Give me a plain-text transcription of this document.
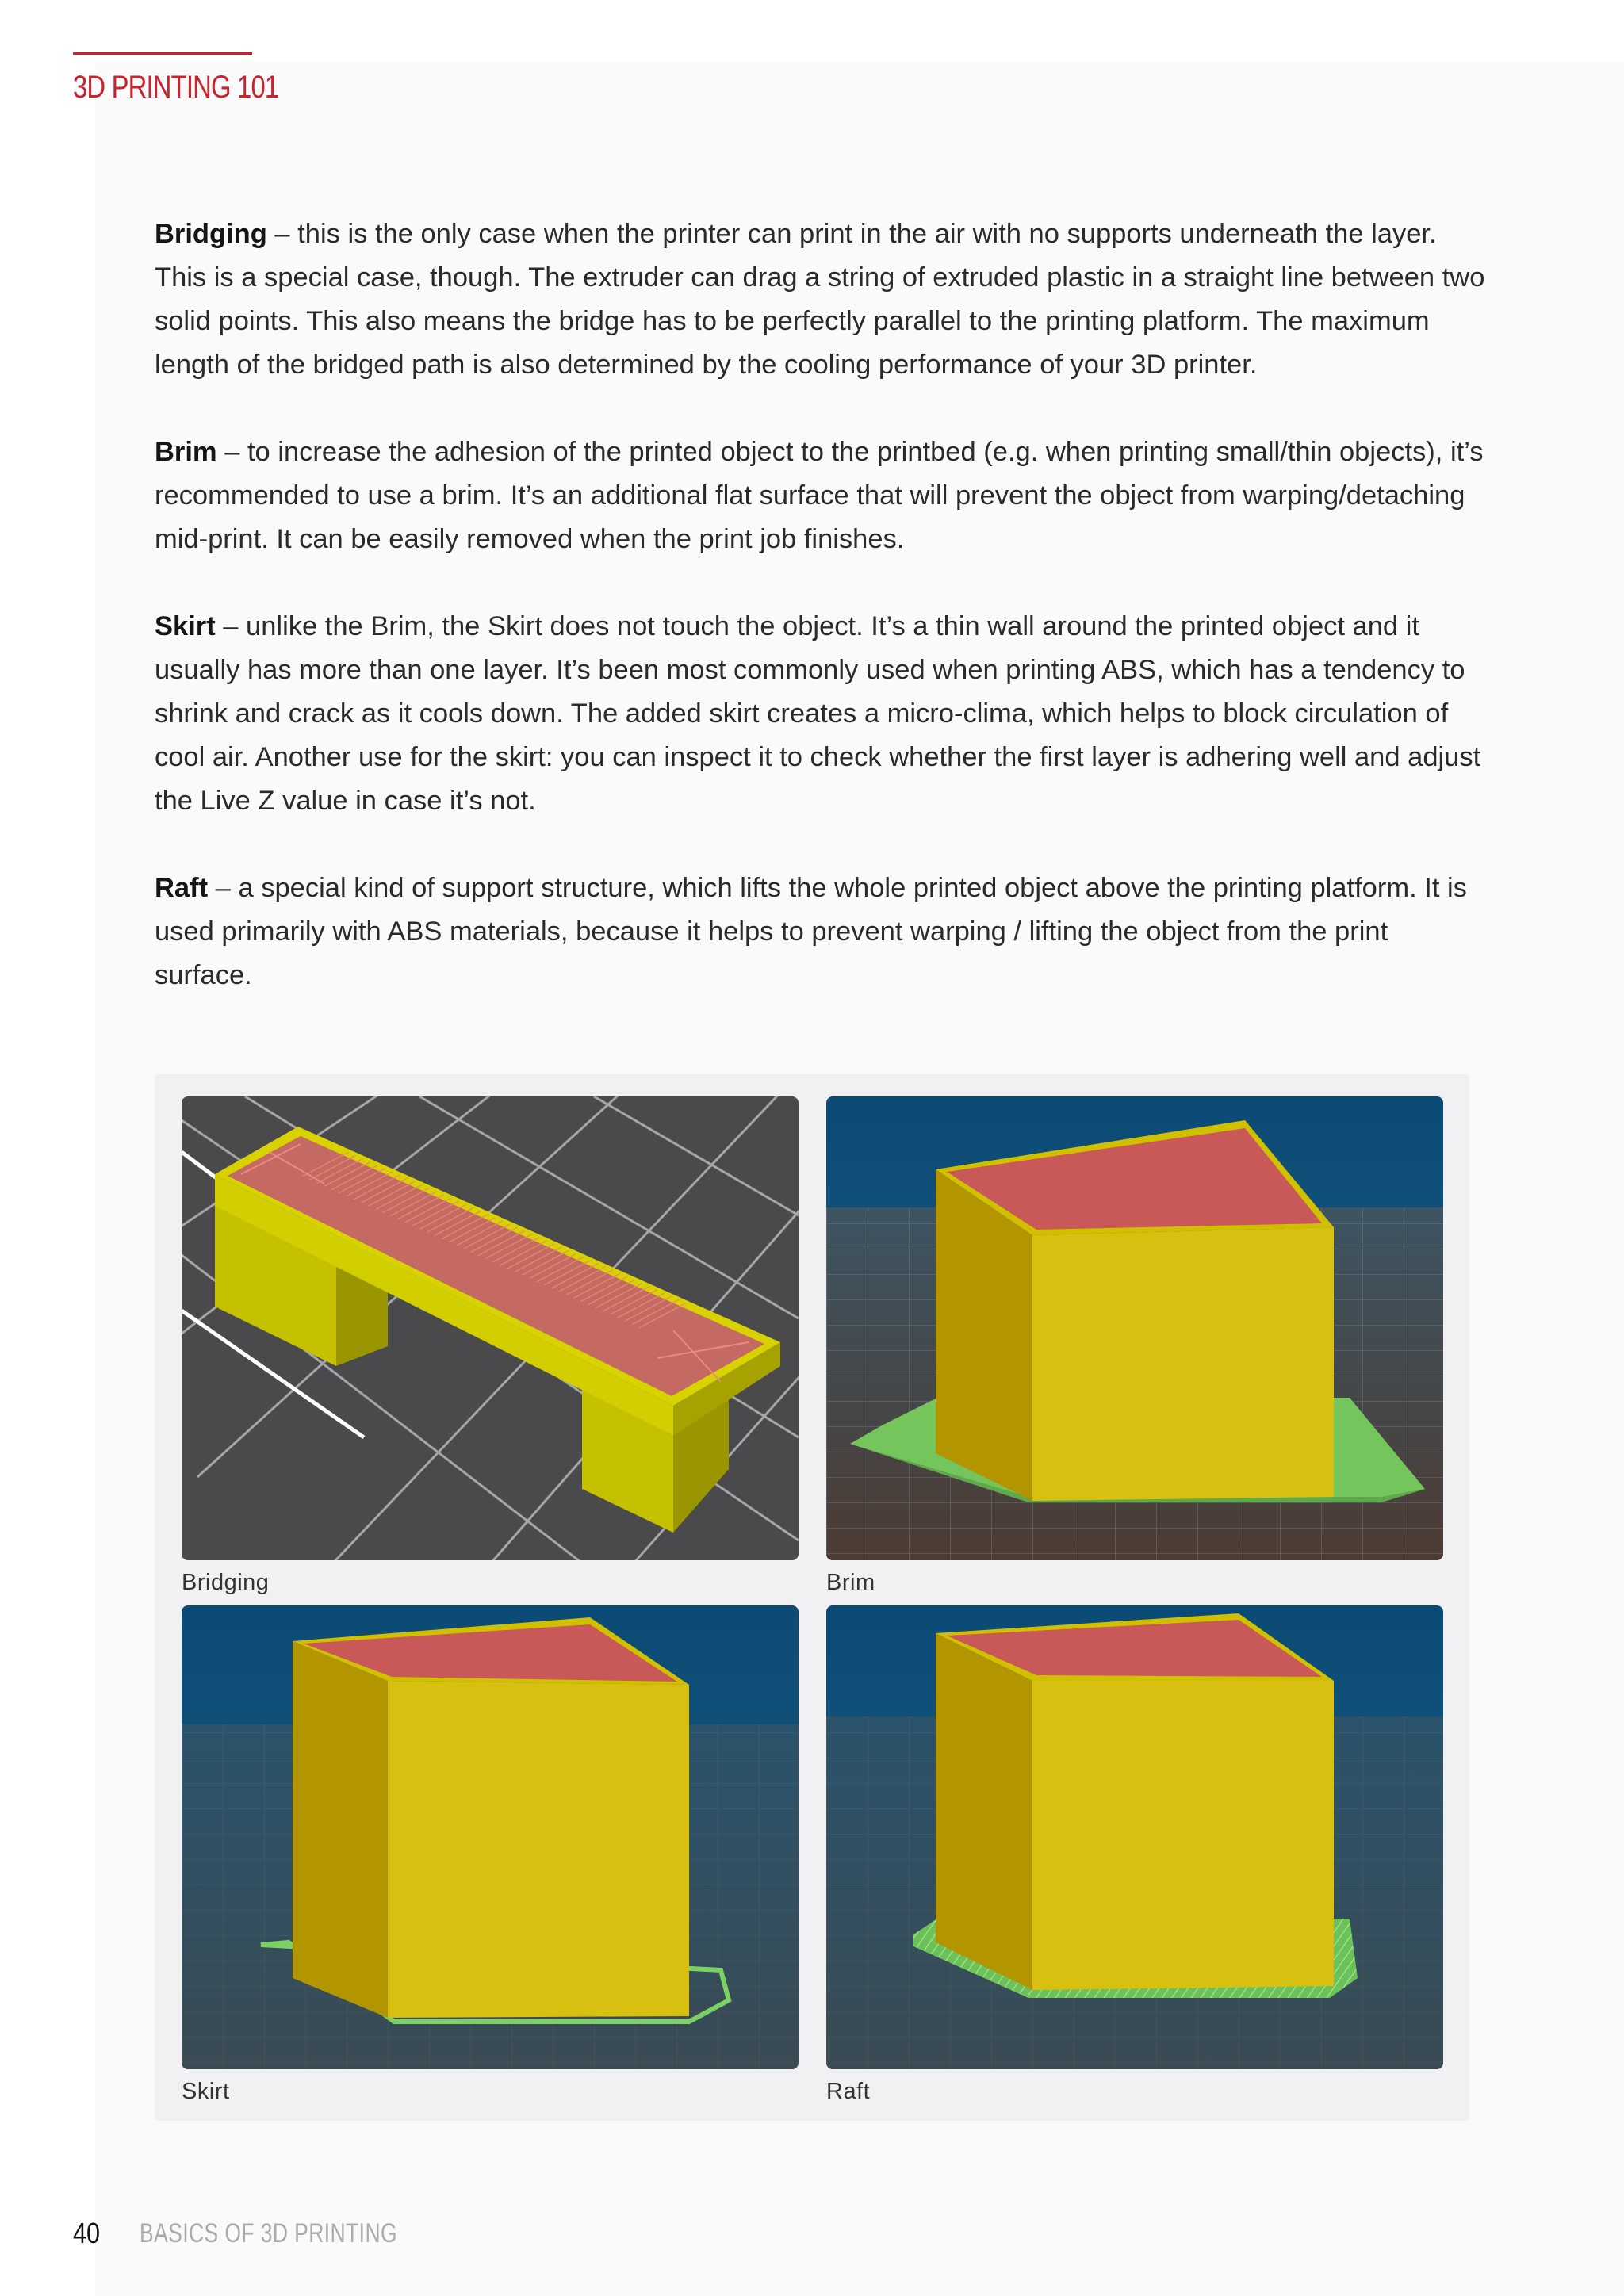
3D PRINTING 101

Bridging – this is the only case when the printer can print in the air with no supports underneath the layer. This is a special case, though. The extruder can drag a string of extruded plastic in a straight line between two solid points. This also means the bridge has to be perfectly parallel to the printing platform. The maximum length of the bridged path is also determined by the cooling performance of your 3D printer.

Brim – to increase the adhesion of the printed object to the printbed (e.g. when printing small/thin objects), it’s recommended to use a brim. It’s an additional flat surface that will prevent the object from warping/detaching mid-print. It can be easily removed when the print job finishes.

Skirt – unlike the Brim, the Skirt does not touch the object. It’s a thin wall around the printed object and it usually has more than one layer. It’s been most commonly used when printing ABS, which has a tendency to shrink and crack as it cools down. The added skirt creates a micro-clima, which helps to block circulation of cool air. Another use for the skirt: you can inspect it to check whether the first layer is adhering well and adjust the Live Z value in case it’s not.

Raft – a special kind of support structure, which lifts the whole printed object above the printing platform. It is used primarily with ABS materials, because it helps to prevent warping / lifting the object from the print surface.

Bridging	Brim
Skirt	Raft
40 BASICS OF 3D PRINTING
